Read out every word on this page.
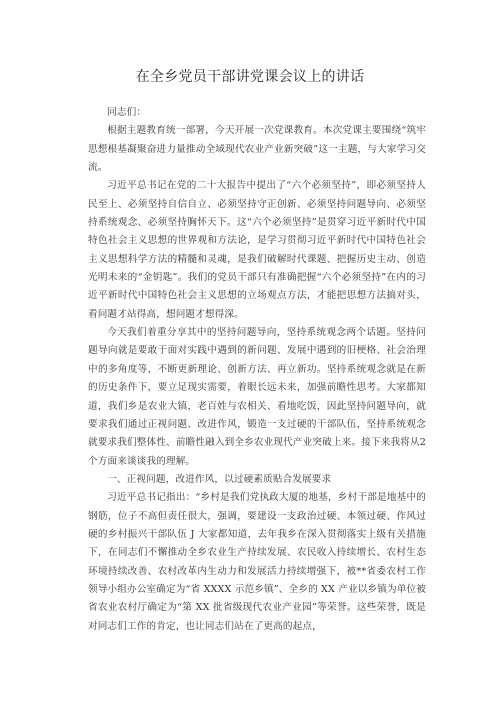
在全乡党员干部讲党课会议上的讲话

同志们：

根据主题教育统一部署，今天开展一次党课教育。本次党课主要围绕“筑牢思想根基凝聚奋进力量推动全域现代农业产业新突破”这一主题，与大家学习交流。

习近平总书记在党的二十大报告中提出了“六个必须坚持”，即必须坚持人民至上、必须坚持自信自立、必须坚持守正创新、必须坚持问题导向、必须坚持系统观念、必须坚持胸怀天下。这“六个必须坚持”是贯穿习近平新时代中国特色社会主义思想的世界观和方法论，是学习贯彻习近平新时代中国特色社会主义思想科学方法的精髓和灵魂，是我们破解时代课题、把握历史主动、创造光明未来的“金钥匙”。我们的党员干部只有准确把握“六个必须坚持”在内的习近平新时代中国特色社会主义思想的立场观点方法，才能把思想方法搞对头，看问题才站得高，想问题才想得深。

今天我们着重分享其中的坚持问题导向，坚持系统观念两个话题。坚持问题导向就是要敢于面对实践中遇到的新问题、发展中遇到的旧梗格、社会治理中的多角度等，不断更新理论、创新方法、再立新功。坚持系统观念就是在新的历史条件下，要立足现实需要，着眼长远未来，加强前瞻性思考。大家都知道，我们乡是农业大镇，老百姓与农相关、看地吃饭，因此坚持问题导向，就要求我们通过正视问题、改进作风，锻造一支过硬的干部队伍，坚持系统观念就要求我们整体性、前瞻性融入到全乡农业现代产业突破上来。接下来我将从2个方面来谈谈我的理解。

一、正视问题，改进作风，以过硬素质贴合发展要求

习近平总书记指出：“乡村是我们党执政大厦的地基，乡村干部是地基中的钢筋，位子不高但责任很大，强调，要建设一支政治过硬、本领过硬、作风过硬的乡村振兴干部队伍 J 大家都知道，去年我乡在深入贯彻落实上级有关措施下，在同志们不懈推动全乡农业生产持续发展、农民收入持续增长、农村生态环境持续改善、农村改革内生动力和发展活力持续增强下，被**省委农村工作领导小组办公室确定为“省 XXXX 示范乡镇”、全乡的 XX 产业以乡镇为单位被省农业农村厅确定为“第 XX 批省级现代农业产业园”等荣誉。这些荣誉，既是对同志们工作的肯定，也让同志们站在了更高的起点，
